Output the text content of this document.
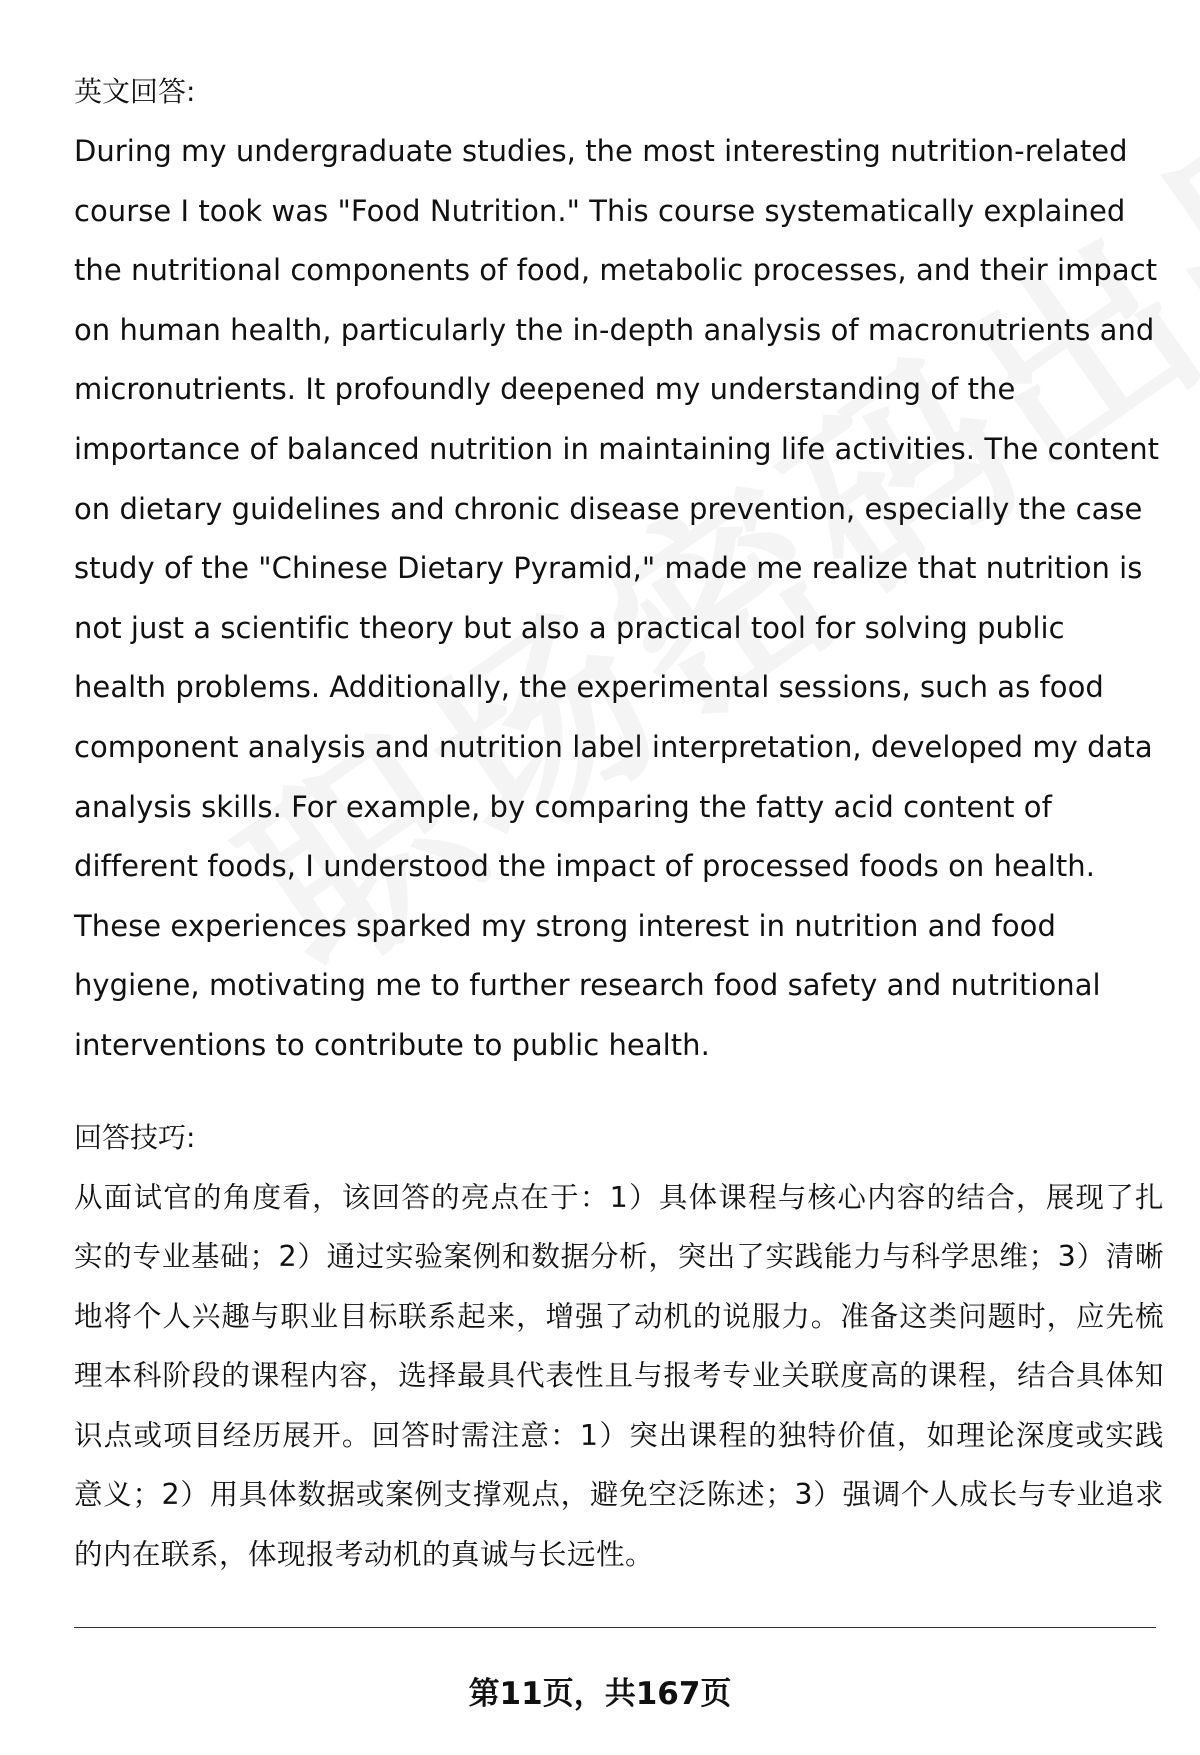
英文回答:

During my undergraduate studies, the most interesting nutrition-related course I took was "Food Nutrition." This course systematically explained the nutritional components of food, metabolic processes, and their impact on human health, particularly the in-depth analysis of macronutrients and micronutrients. It profoundly deepened my understanding of the importance of balanced nutrition in maintaining life activities. The content on dietary guidelines and chronic disease prevention, especially the case study of the "Chinese Dietary Pyramid," made me realize that nutrition is not just a scientific theory but also a practical tool for solving public health problems. Additionally, the experimental sessions, such as food component analysis and nutrition label interpretation, developed my data analysis skills. For example, by comparing the fatty acid content of different foods, I understood the impact of processed foods on health. These experiences sparked my strong interest in nutrition and food hygiene, motivating me to further research food safety and nutritional interventions to contribute to public health.

回答技巧:

从面试官的角度看，该回答的亮点在于：1）具体课程与核心内容的结合，展现了扎实的专业基础；2）通过实验案例和数据分析，突出了实践能力与科学思维；3）清晰地将个人兴趣与职业目标联系起来，增强了动机的说服力。准备这类问题时，应先梳理本科阶段的课程内容，选择最具代表性且与报考专业关联度高的课程，结合具体知识点或项目经历展开。回答时需注意：1）突出课程的独特价值，如理论深度或实践意义；2）用具体数据或案例支撑观点，避免空泛陈述；3）强调个人成长与专业追求的内在联系，体现报考动机的真诚与长远性。

第11页，共167页
